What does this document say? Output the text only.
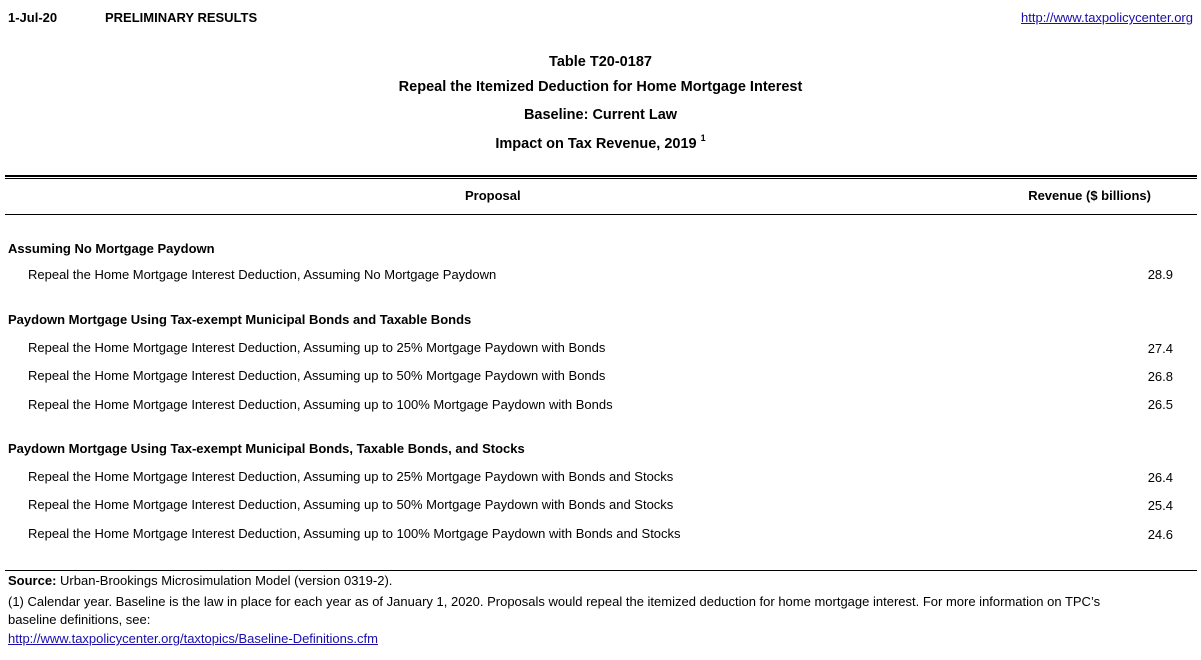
1-Jul-20	PRELIMINARY RESULTS	http://www.taxpolicycenter.org
Table T20-0187
Repeal the Itemized Deduction for Home Mortgage Interest
Baseline: Current Law
Impact on Tax Revenue, 2019 $^1$
Proposal	Revenue ($ billions)
Assuming No Mortgage Paydown
Repeal the Home Mortgage Interest Deduction, Assuming No Mortgage Paydown	28.9
Paydown Mortgage Using Tax-exempt Municipal Bonds and Taxable Bonds
Repeal the Home Mortgage Interest Deduction, Assuming up to 25% Mortgage Paydown with Bonds	27.4
Repeal the Home Mortgage Interest Deduction, Assuming up to 50% Mortgage Paydown with Bonds	26.8
Repeal the Home Mortgage Interest Deduction, Assuming up to 100% Mortgage Paydown with Bonds	26.5
Paydown Mortgage Using Tax-exempt Municipal Bonds, Taxable Bonds, and Stocks
Repeal the Home Mortgage Interest Deduction, Assuming up to 25% Mortgage Paydown with Bonds and Stocks	26.4
Repeal the Home Mortgage Interest Deduction, Assuming up to 50% Mortgage Paydown with Bonds and Stocks	25.4
Repeal the Home Mortgage Interest Deduction, Assuming up to 100% Mortgage Paydown with Bonds and Stocks	24.6
Source: Urban-Brookings Microsimulation Model (version 0319-2).
(1) Calendar year. Baseline is the law in place for each year as of January 1, 2020. Proposals would repeal the itemized deduction for home mortgage interest. For more information on TPC’s
baseline definitions, see:
http://www.taxpolicycenter.org/taxtopics/Baseline-Definitions.cfm
